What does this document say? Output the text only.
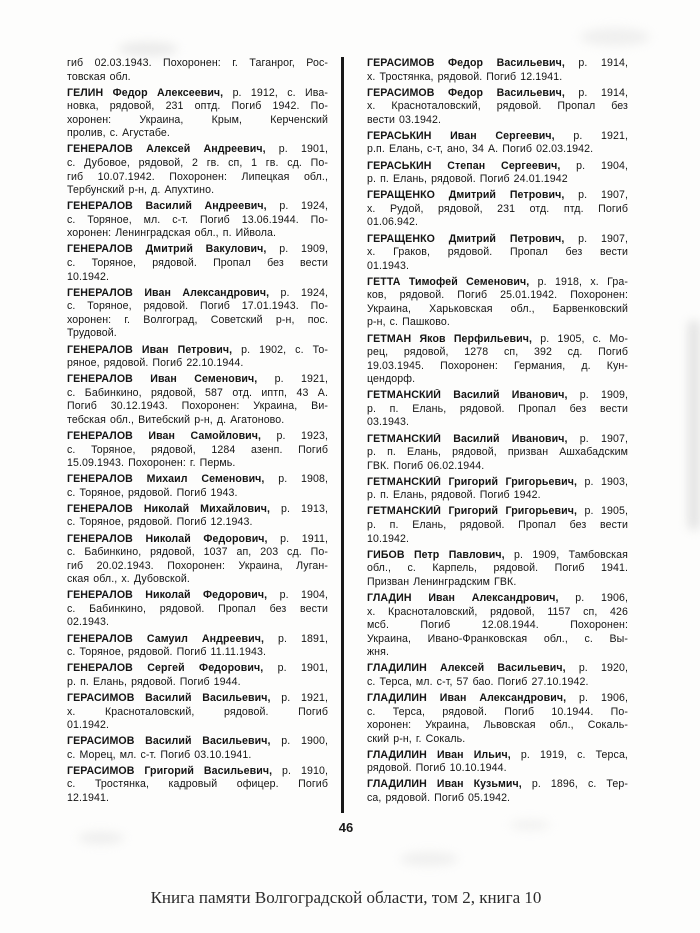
гиб 02.03.1943. Похоронен: г. Таганрог, Рос-
товская обл.
ГЕЛИН Федор Алексеевич, р. 1912, с. Ива-
новка, рядовой, 231 оптд. Погиб 1942. По-
хоронен: Украина, Крым, Керченский
пролив, с. Агустабе.
ГЕНЕРАЛОВ Алексей Андреевич, р. 1901,
с. Дубовое, рядовой, 2 гв. сп, 1 гв. сд. По-
гиб 10.07.1942. Похоронен: Липецкая обл.,
Тербунский р-н, д. Апухтино.
ГЕНЕРАЛОВ Василий Андреевич, р. 1924,
с. Торяное, мл. с-т. Погиб 13.06.1944. По-
хоронен: Ленинградская обл., п. Ийвола.
ГЕНЕРАЛОВ Дмитрий Вакулович, р. 1909,
с. Торяное, рядовой. Пропал без вести
10.1942.
ГЕНЕРАЛОВ Иван Александрович, р. 1924,
с. Торяное, рядовой. Погиб 17.01.1943. По-
хоронен: г. Волгоград, Советский р-н, пос.
Трудовой.
ГЕНЕРАЛОВ Иван Петрович, р. 1902, с. То-
ряное, рядовой. Погиб 22.10.1944.
ГЕНЕРАЛОВ Иван Семенович, р. 1921,
с. Бабинкино, рядовой, 587 отд. иптп, 43 А.
Погиб 30.12.1943. Похоронен: Украина, Ви-
тебская обл., Витебский р-н, д. Агатоново.
ГЕНЕРАЛОВ Иван Самойлович, р. 1923,
с. Торяное, рядовой, 1284 азенп. Погиб
15.09.1943. Похоронен: г. Пермь.
ГЕНЕРАЛОВ Михаил Семенович, р. 1908,
с. Торяное, рядовой. Погиб 1943.
ГЕНЕРАЛОВ Николай Михайлович, р. 1913,
с. Торяное, рядовой. Погиб 12.1943.
ГЕНЕРАЛОВ Николай Федорович, р. 1911,
с. Бабинкино, рядовой, 1037 ап, 203 сд. По-
гиб 20.02.1943. Похоронен: Украина, Луган-
ская обл., х. Дубовской.
ГЕНЕРАЛОВ Николай Федорович, р. 1904,
с. Бабинкино, рядовой. Пропал без вести
02.1943.
ГЕНЕРАЛОВ Самуил Андреевич, р. 1891,
с. Торяное, рядовой. Погиб 11.11.1943.
ГЕНЕРАЛОВ Сергей Федорович, р. 1901,
р. п. Елань, рядовой. Погиб 1944.
ГЕРАСИМОВ Василий Васильевич, р. 1921,
х. Красноталовский, рядовой. Погиб
01.1942.
ГЕРАСИМОВ Василий Васильевич, р. 1900,
с. Морец, мл. с-т. Погиб 03.10.1941.
ГЕРАСИМОВ Григорий Васильевич, р. 1910,
с. Тростянка, кадровый офицер. Погиб
12.1941.
ГЕРАСИМОВ Федор Васильевич, р. 1914,
х. Тростянка, рядовой. Погиб 12.1941.
ГЕРАСИМОВ Федор Васильевич, р. 1914,
х. Красноталовский, рядовой. Пропал без
вести 03.1942.
ГЕРАСЬКИН Иван Сергеевич, р. 1921,
р.п. Елань, с-т, ано, 34 А. Погиб 02.03.1942.
ГЕРАСЬКИН Степан Сергеевич, р. 1904,
р. п. Елань, рядовой. Погиб 24.01.1942
ГЕРАЩЕНКО Дмитрий Петрович, р. 1907,
х. Рудой, рядовой, 231 отд. птд. Погиб
01.06.942.
ГЕРАЩЕНКО Дмитрий Петрович, р. 1907,
х. Граков, рядовой. Пропал без вести
01.1943.
ГЕТТА Тимофей Семенович, р. 1918, х. Гра-
ков, рядовой. Погиб 25.01.1942. Похоронен:
Украина, Харьковская обл., Барвенковский
р-н, с. Пашково.
ГЕТМАН Яков Перфильевич, р. 1905, с. Мо-
рец, рядовой, 1278 сп, 392 сд. Погиб
19.03.1945. Похоронен: Германия, д. Кун-
цендорф.
ГЕТМАНСКИЙ Василий Иванович, р. 1909,
р. п. Елань, рядовой. Пропал без вести
03.1943.
ГЕТМАНСКИЙ Василий Иванович, р. 1907,
р. п. Елань, рядовой, призван Ашхабадским
ГВК. Погиб 06.02.1944.
ГЕТМАНСКИЙ Григорий Григорьевич, р. 1903,
р. п. Елань, рядовой. Погиб 1942.
ГЕТМАНСКИЙ Григорий Григорьевич, р. 1905,
р. п. Елань, рядовой. Пропал без вести
10.1942.
ГИБОВ Петр Павлович, р. 1909, Тамбовская
обл., с. Карпель, рядовой. Погиб 1941.
Призван Ленинградским ГВК.
ГЛАДИН Иван Александрович, р. 1906,
х. Красноталовский, рядовой, 1157 сп, 426
мсб. Погиб 12.08.1944. Похоронен:
Украина, Ивано-Франковская обл., с. Вы-
жня.
ГЛАДИЛИН Алексей Васильевич, р. 1920,
с. Терса, мл. с-т, 57 бао. Погиб 27.10.1942.
ГЛАДИЛИН Иван Александрович, р. 1906,
с. Терса, рядовой. Погиб 10.1944. По-
хоронен: Украина, Львовская обл., Сокаль-
ский р-н, г. Сокаль.
ГЛАДИЛИН Иван Ильич, р. 1919, с. Терса,
рядовой. Погиб 10.10.1944.
ГЛАДИЛИН Иван Кузьмич, р. 1896, с. Тер-
са, рядовой. Погиб 05.1942.
46
Книга памяти Волгоградской области, том 2, книга 10
